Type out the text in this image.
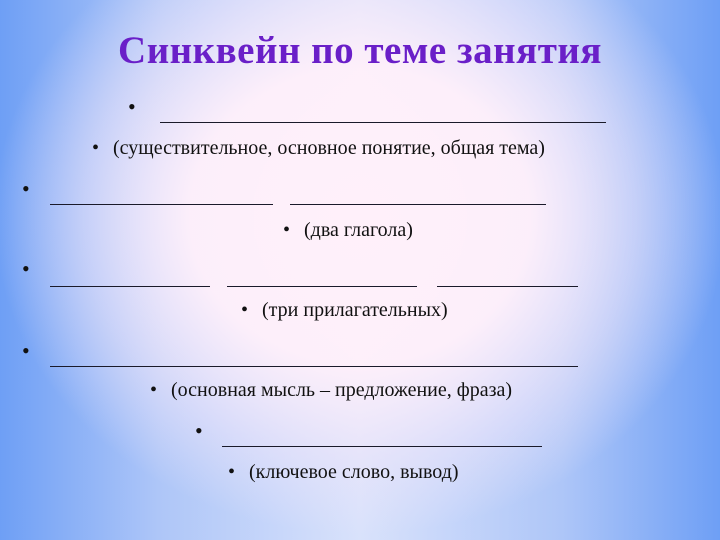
Синквейн по теме занятия
•
• (существительное, основное понятие, общая тема)
•
• (два глагола)
•
• (три прилагательных)
•
• (основная мысль – предложение, фраза)
•
• (ключевое слово, вывод)
